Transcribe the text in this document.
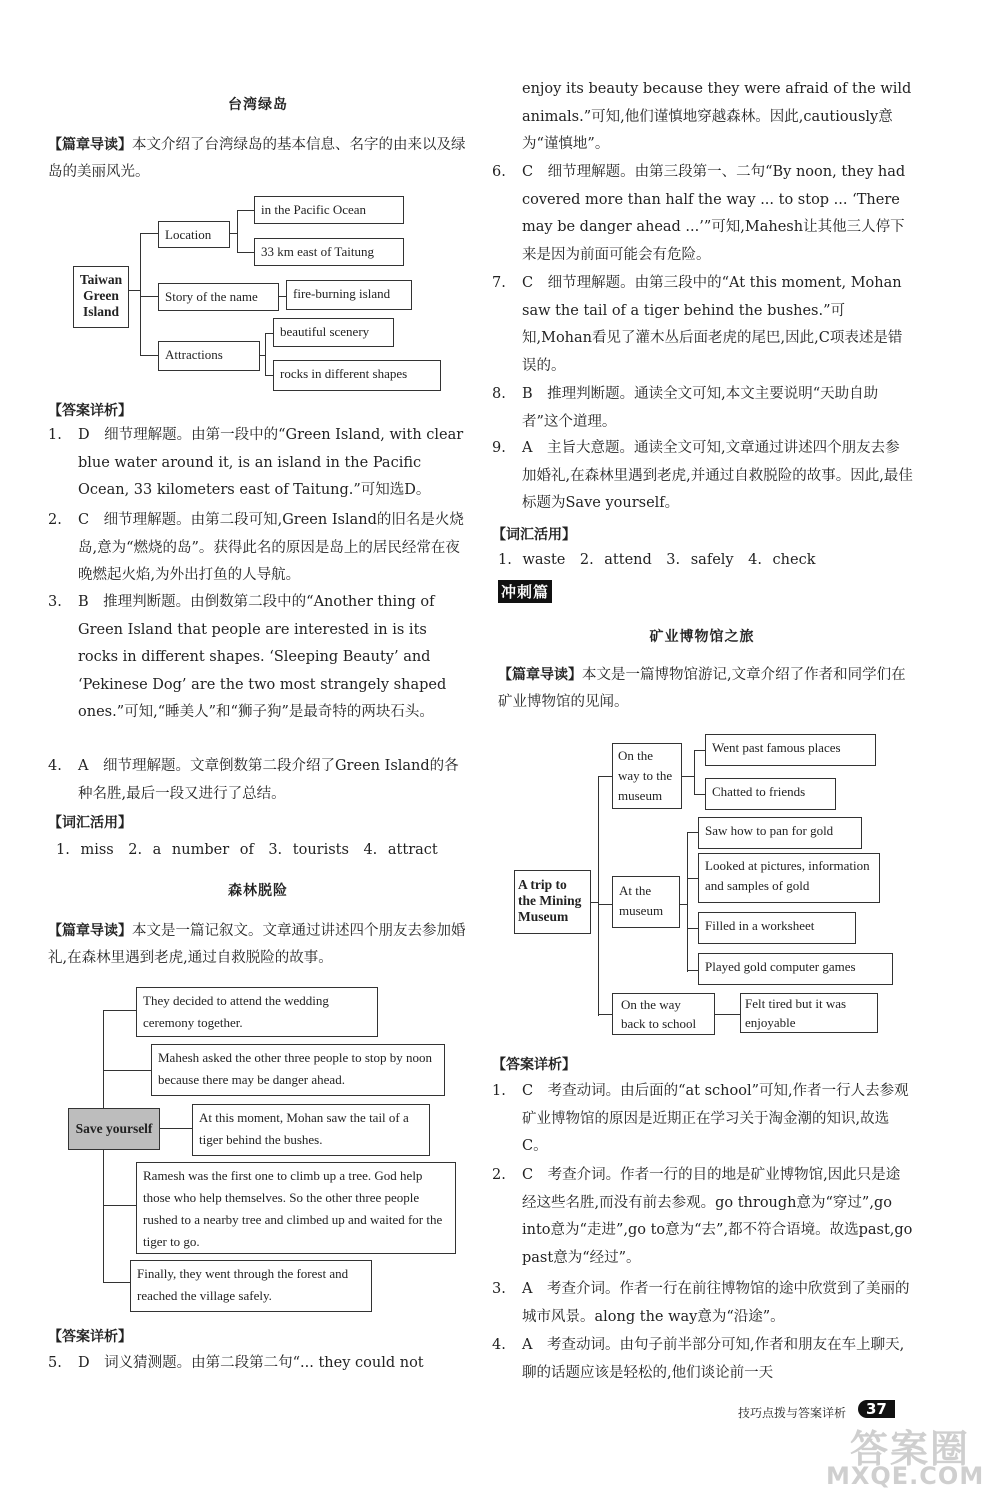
台湾绿岛
【篇章导读】本文介绍了台湾绿岛的基本信息、名字的由来以及绿岛的美丽风光。
Taiwan Green Island
Location
in the Pacific Ocean
33 km east of Taitung
Story of the name	fire-burning island
Attractions
beautiful scenery
rocks in different shapes
【答案详析】
1.	D　细节理解题。由第一段中的“Green Island, with clear blue water around it, is an island in the Pacific Ocean, 33 kilometers east of Taitung.”可知选D。
2.	C　细节理解题。由第二段可知,Green Island的旧名是火烧岛,意为“燃烧的岛”。获得此名的原因是岛上的居民经常在夜晚燃起火焰,为外出打鱼的人导航。
3.	B　推理判断题。由倒数第二段中的“Another thing of Green Island that people are interested in is its rocks in different shapes. ‘Sleeping Beauty’ and ‘Pekinese Dog’ are the two most strangely shaped ones.”可知,“睡美人”和“狮子狗”是最奇特的两块石头。
4.	A　细节理解题。文章倒数第二段介绍了Green Island的各种名胜,最后一段又进行了总结。
【词汇活用】
1. miss　2. a number of　3. tourists　4. attract
森林脱险
【篇章导读】本文是一篇记叙文。文章通过讲述四个朋友去参加婚礼,在森林里遇到老虎,通过自救脱险的故事。
Save yourself
They decided to attend the wedding ceremony together.
Mahesh asked the other three people to stop by noon because there may be danger ahead.
At this moment, Mohan saw the tail of a tiger behind the bushes.
Ramesh was the first one to climb up a tree. God help those who help themselves. So the other three people rushed to a nearby tree and climbed up and waited for the tiger to go.
Finally, they went through the forest and reached the village safely.
【答案详析】
5.	D　词义猜测题。由第二段第二句“... they could not
enjoy its beauty because they were afraid of the wild animals.”可知,他们谨慎地穿越森林。因此,cautiously意为“谨慎地”。
6.	C　细节理解题。由第三段第一、二句“By noon, they had covered more than half the way ... to stop ... ‘There may be danger ahead ...’”可知,Mahesh让其他三人停下来是因为前面可能会有危险。
7.	C　细节理解题。由第三段中的“At this moment, Mohan saw the tail of a tiger behind the bushes.”可知,Mohan看见了灌木丛后面老虎的尾巴,因此,C项表述是错误的。
8.	B　推理判断题。通读全文可知,本文主要说明“天助自助者”这个道理。
9.	A　主旨大意题。通读全文可知,文章通过讲述四个朋友去参加婚礼,在森林里遇到老虎,并通过自救脱险的故事。因此,最佳标题为Save yourself。
【词汇活用】
1. waste　2. attend　3. safely　4. check
冲刺篇
矿业博物馆之旅
【篇章导读】本文是一篇博物馆游记,文章介绍了作者和同学们在矿业博物馆的见闻。
A trip to the Mining Museum
On the way to the museum
Went past famous places
Chatted to friends
At the museum
Saw how to pan for gold
Looked at pictures, information and samples of gold
Filled in a worksheet
Played gold computer games
On the way back to school
Felt tired but it was enjoyable
【答案详析】
1.	C　考查动词。由后面的“at school”可知,作者一行人去参观矿业博物馆的原因是近期正在学习关于淘金潮的知识,故选C。
2.	C　考查介词。作者一行的目的地是矿业博物馆,因此只是途经这些名胜,而没有前去参观。go through意为“穿过”,go into意为“走进”,go to意为“去”,都不符合语境。故选past,go past意为“经过”。
3.	A　考查介词。作者一行在前往博物馆的途中欣赏到了美丽的城市风景。along the way意为“沿途”。
4.	A　考查动词。由句子前半部分可知,作者和朋友在车上聊天,聊的话题应该是轻松的,他们谈论前一天
技巧点拨与答案详析	37
答案圈
MXQE.COM
